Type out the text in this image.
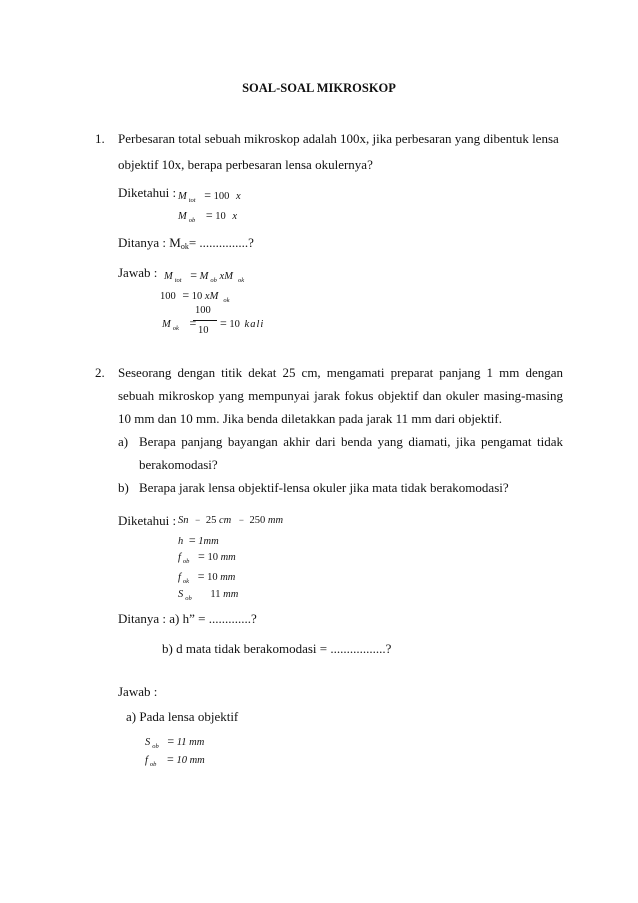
SOAL-SOAL MIKROSKOP
1. Perbesaran total sebuah mikroskop adalah 100x, jika perbesaran yang dibentuk lensa
objektif 10x, berapa perbesaran lensa okulernya?
Diketahui : M $_{tot}$ = 100 x
M $_{ob}$ = 10 x
Ditanya : Mok= ...............?
Jawab : M $_{tot}$ = M $_{ob}$ xM $_{ok}$
100 = 10 xM $_{ok}$
M $_{ok}$ =
100
10
= 10 kali
2. Seseorang dengan titik dekat 25 cm, mengamati preparat panjang 1 mm dengan
sebuah mikroskop yang mempunyai jarak fokus objektif dan okuler masing-masing
10 mm dan 10 mm. Jika benda diletakkan pada jarak 11 mm dari objektif.
a) Berapa panjang bayangan akhir dari benda yang diamati, jika pengamat tidak
berakomodasi?
b) Berapa jarak lensa objektif-lensa okuler jika mata tidak berakomodasi?
Diketahui : Sn − 25 cm − 250 mm
h = 1mm
f $_{ob}$ = 10 mm
f $_{ok}$ = 10 mm
S $_{ob}$ 11 mm
Ditanya : a) h” = .............?
b) d mata tidak berakomodasi = .................?
Jawab :
a) Pada lensa objektif
S $_{ob}$ = 11 mm
f $_{ob}$ = 10 mm
